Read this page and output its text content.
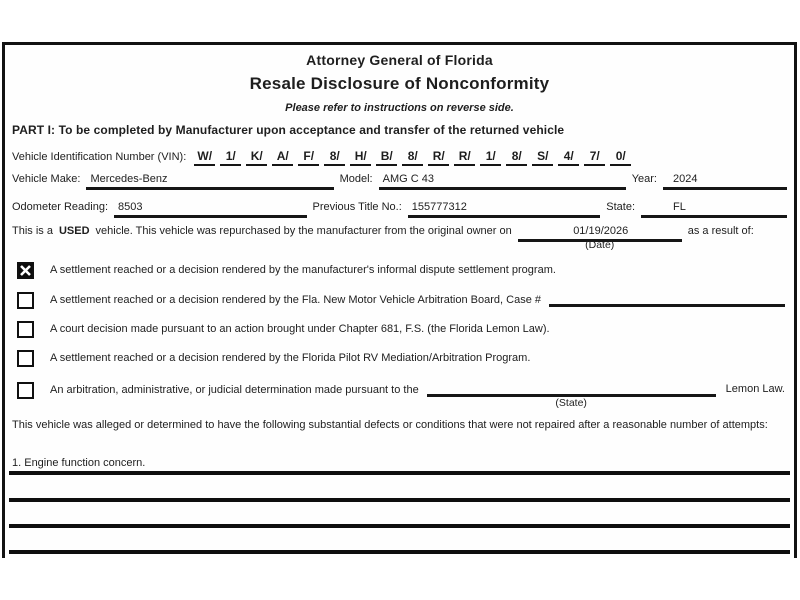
Attorney General of Florida
Resale Disclosure of Nonconformity
Please refer to instructions on reverse side.
PART I: To be completed by Manufacturer upon acceptance and transfer of the returned vehicle
Vehicle Identification Number (VIN): W/	1/	K/	A/	F/	8/	H/	B/	8/	R/	R/	1/	8/	S/	4/	7/	0/
Vehicle Make: Mercedes-Benz	Model: AMG C 43	Year:	2024
Odometer Reading: 8503	Previous Title No.: 155777312	State:	FL
This is a USED vehicle. This vehicle was repurchased by the manufacturer from the original owner on	01/19/2026
(Date)
as a result of:
A settlement reached or a decision rendered by the manufacturer's informal dispute settlement program.
A settlement reached or a decision rendered by the Fla. New Motor Vehicle Arbitration Board, Case #
A court decision made pursuant to an action brought under Chapter 681, F.S. (the Florida Lemon Law).
A settlement reached or a decision rendered by the Florida Pilot RV Mediation/Arbitration Program.
An arbitration, administrative, or judicial determination made pursuant to the
(State)
Lemon Law.
This vehicle was alleged or determined to have the following substantial defects or conditions that were not repaired after a reasonable number of attempts:
1. Engine function concern.
